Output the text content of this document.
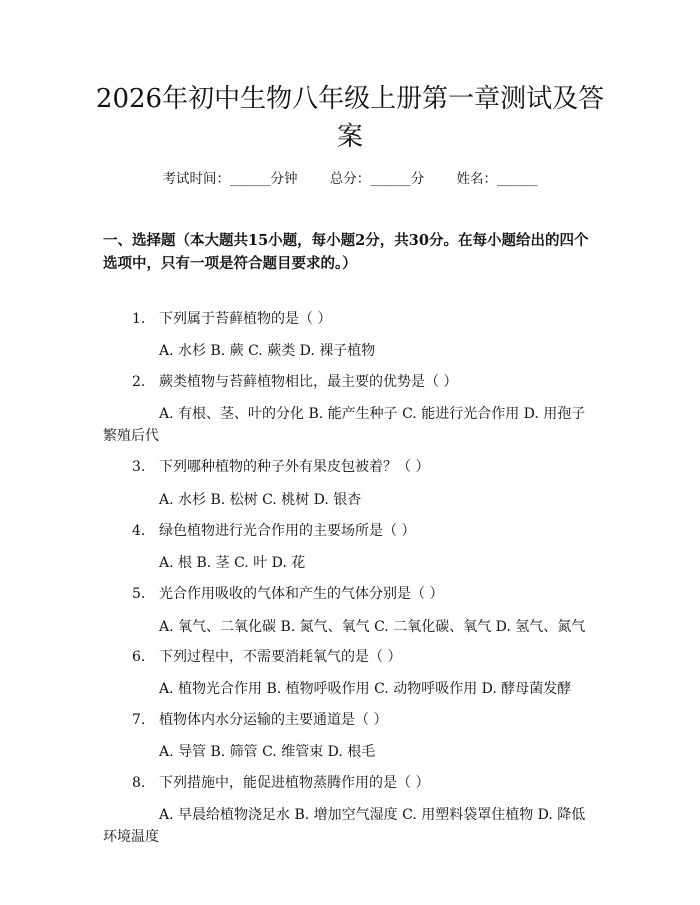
2026年初中生物八年级上册第一章测试及答案
考试时间：______分钟 总分：______分 姓名：______
一、选择题（本大题共15小题，每小题2分，共30分。在每小题给出的四个选项中，只有一项是符合题目要求的。）
1. 下列属于苔藓植物的是（ ）
A. 水杉 B. 蕨 C. 蕨类 D. 裸子植物
2. 蕨类植物与苔藓植物相比，最主要的优势是（ ）
A. 有根、茎、叶的分化 B. 能产生种子 C. 能进行光合作用 D. 用孢子繁殖后代
3. 下列哪种植物的种子外有果皮包被着？（ ）
A. 水杉 B. 松树 C. 桃树 D. 银杏
4. 绿色植物进行光合作用的主要场所是（ ）
A. 根 B. 茎 C. 叶 D. 花
5. 光合作用吸收的气体和产生的气体分别是（ ）
A. 氧气、二氧化碳 B. 氮气、氧气 C. 二氧化碳、氧气 D. 氢气、氮气
6. 下列过程中，不需要消耗氧气的是（ ）
A. 植物光合作用 B. 植物呼吸作用 C. 动物呼吸作用 D. 酵母菌发酵
7. 植物体内水分运输的主要通道是（ ）
A. 导管 B. 筛管 C. 维管束 D. 根毛
8. 下列措施中，能促进植物蒸腾作用的是（ ）
A. 早晨给植物浇足水 B. 增加空气湿度 C. 用塑料袋罩住植物 D. 降低环境温度
